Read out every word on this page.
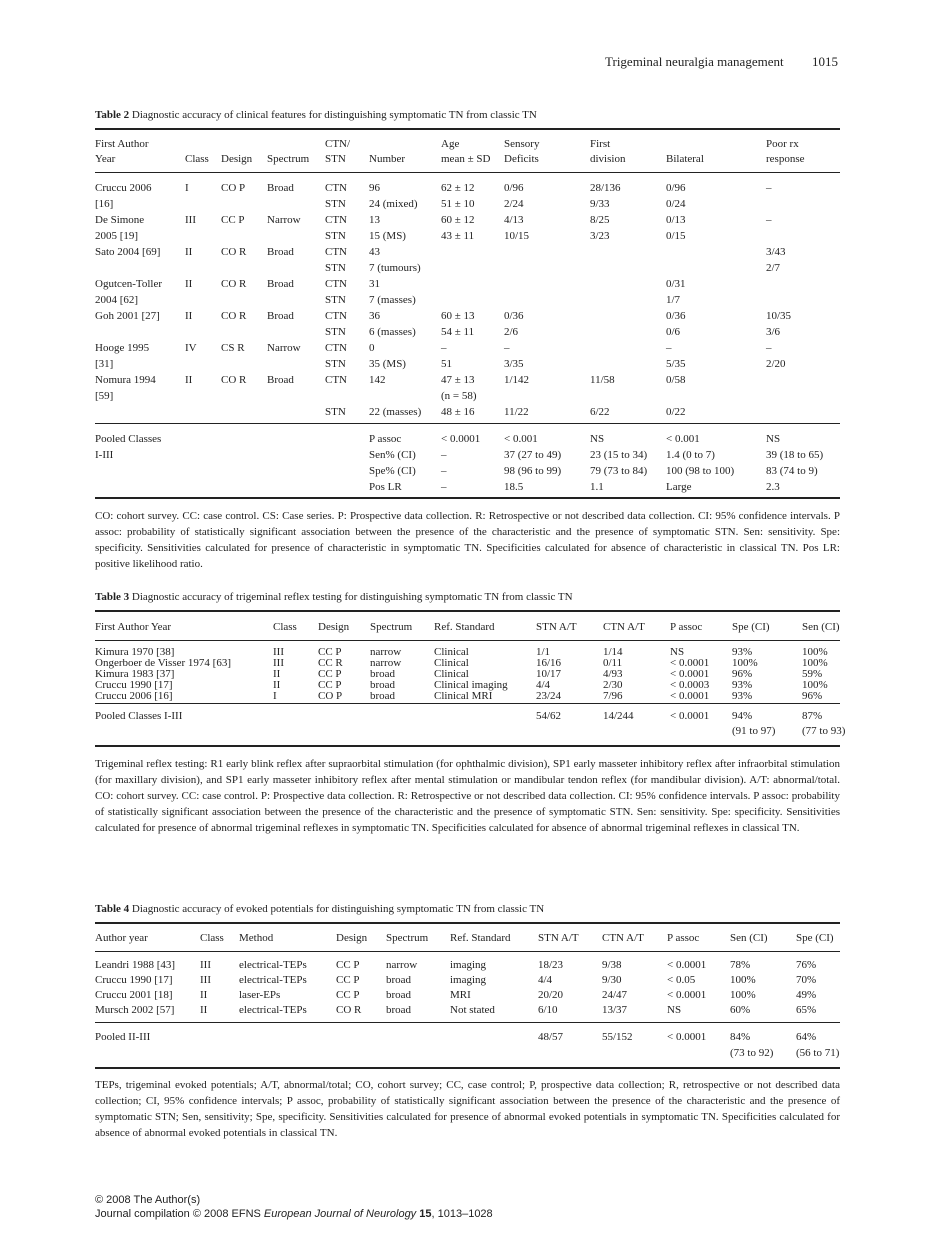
Trigeminal neuralgia management 1015
Table 2 Diagnostic accuracy of clinical features for distinguishing symptomatic TN from classic TN
First Author				CTN/		Age	Sensory	First		Poor rx
Year	Class	Design	Spectrum	STN	Number	mean ± SD	Deficits	division	Bilateral	response
Cruccu 2006	I	CO P	Broad	CTN	96	62 ± 12	0/96	28/136	0/96	–
[16]				STN	24 (mixed)	51 ± 10	2/24	9/33	0/24	
De Simone	III	CC P	Narrow	CTN	13	60 ± 12	4/13	8/25	0/13	–
2005 [19]				STN	15 (MS)	43 ± 11	10/15	3/23	0/15	
Sato 2004 [69]	II	CO R	Broad	CTN	43					3/43
				STN	7 (tumours)					2/7
Ogutcen-Toller	II	CO R	Broad	CTN	31				0/31	
2004 [62]				STN	7 (masses)				1/7	
Goh 2001 [27]	II	CO R	Broad	CTN	36	60 ± 13	0/36		0/36	10/35
				STN	6 (masses)	54 ± 11	2/6		0/6	3/6
Hooge 1995	IV	CS R	Narrow	CTN	0	–	–		–	–
[31]				STN	35 (MS)	51	3/35		5/35	2/20
Nomura 1994	II	CO R	Broad	CTN	142	47 ± 13	1/142	11/58	0/58	
[59]						(n = 58)				
				STN	22 (masses)	48 ± 16	11/22	6/22	0/22	
Pooled Classes					P assoc	< 0.0001	< 0.001	NS	< 0.001	NS
I-III					Sen% (CI)	–	37 (27 to 49)	23 (15 to 34)	1.4 (0 to 7)	39 (18 to 65)
					Spe% (CI)	–	98 (96 to 99)	79 (73 to 84)	100 (98 to 100)	83 (74 to 9)
					Pos LR	–	18.5	1.1	Large	2.3
CO: cohort survey. CC: case control. CS: Case series. P: Prospective data collection. R: Retrospective or not described data collection. CI: 95% confidence intervals. P assoc: probability of statistically significant association between the presence of the characteristic and the presence of symptomatic STN. Sen: sensitivity. Spe: specificity. Sensitivities calculated for presence of characteristic in symptomatic TN. Specificities calculated for absence of characteristic in classical TN. Pos LR: positive likelihood ratio.
Table 3 Diagnostic accuracy of trigeminal reflex testing for distinguishing symptomatic TN from classic TN
First Author Year	Class	Design	Spectrum	Ref. Standard	STN A/T	CTN A/T	P assoc	Spe (CI)	Sen (CI)
Kimura 1970 [38]	III	CC P	narrow	Clinical	1/1	1/14	NS	93%	100%
Ongerboer de Visser 1974 [63]	III	CC R	narrow	Clinical	16/16	0/11	< 0.0001	100%	100%
Kimura 1983 [37]	II	CC P	broad	Clinical	10/17	4/93	< 0.0001	96%	59%
Cruccu 1990 [17]	II	CC P	broad	Clinical imaging	4/4	2/30	< 0.0003	93%	100%
Cruccu 2006 [16]	I	CO P	broad	Clinical MRI	23/24	7/96	< 0.0001	93%	96%
Pooled Classes I-III					54/62	14/244	< 0.0001	94%	87%
								(91 to 97)	(77 to 93)
Trigeminal reflex testing: R1 early blink reflex after supraorbital stimulation (for ophthalmic division), SP1 early masseter inhibitory reflex after infraorbital stimulation (for maxillary division), and SP1 early masseter inhibitory reflex after mental stimulation or mandibular tendon reflex (for mandibular division). A/T: abnormal/total. CO: cohort survey. CC: case control. P: Prospective data collection. R: Retrospective or not described data collection. CI: 95% confidence intervals. P assoc: probability of statistically significant association between the presence of the characteristic and the presence of symptomatic STN. Sen: sensitivity. Spe: specificity. Sensitivities calculated for presence of abnormal trigeminal reflexes in symptomatic TN. Specificities calculated for absence of abnormal trigeminal reflexes in classical TN.
Table 4 Diagnostic accuracy of evoked potentials for distinguishing symptomatic TN from classic TN
Author year	Class	Method	Design	Spectrum	Ref. Standard	STN A/T	CTN A/T	P assoc	Sen (CI)	Spe (CI)
Leandri 1988 [43]	III	electrical-TEPs	CC P	narrow	imaging	18/23	9/38	< 0.0001	78%	76%
Cruccu 1990 [17]	III	electrical-TEPs	CC P	broad	imaging	4/4	9/30	< 0.05	100%	70%
Cruccu 2001 [18]	II	laser-EPs	CC P	broad	MRI	20/20	24/47	< 0.0001	100%	49%
Mursch 2002 [57]	II	electrical-TEPs	CO R	broad	Not stated	6/10	13/37	NS	60%	65%
Pooled II-III						48/57	55/152	< 0.0001	84%	64%
									(73 to 92)	(56 to 71)
TEPs, trigeminal evoked potentials; A/T, abnormal/total; CO, cohort survey; CC, case control; P, prospective data collection; R, retrospective or not described data collection; CI, 95% confidence intervals; P assoc, probability of statistically significant association between the presence of the characteristic and the presence of symptomatic STN; Sen, sensitivity; Spe, specificity. Sensitivities calculated for presence of abnormal evoked potentials in symptomatic TN. Specificities calculated for absence of abnormal evoked potentials in classical TN.
© 2008 The Author(s)
Journal compilation © 2008 EFNS European Journal of Neurology 15, 1013–1028
